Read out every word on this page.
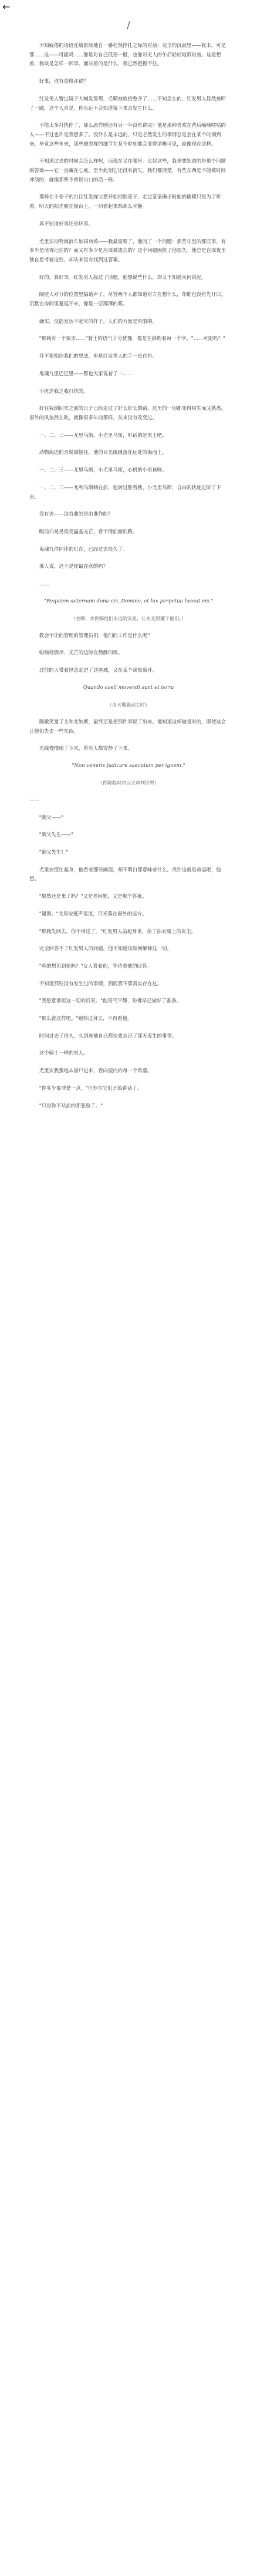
←
/

不知疲倦的话语连篇累牍地自一番枉然挣扎之际的对话：完全的沉寂里——犹未，可是那……这——可能吗……像是对自己低语一般，也像对无人的午后轻轻地诉说着。这是想着，我该是怎样一回事。面对着的是什么，我已然把握不住。

好事，谁有资格评说？

红发男人瞥过镜子大喊发誓那，毛鞘被收拾整齐了……不知怎么的，红发男人显然被吓了一跳，这个人真是。你永远不会知道接下来会发生什么。

不能太多打扰你了，那么恶作剧还有另一半没有讲完？他是那种喜欢在背后嘀嘀咕咕的人——不过也许是我想多了。没什么是永远的，只是必然发生的事情总是会在某个时刻到来。毕竟这些年来，那些被忽视的细节在某个时刻都会变得清晰可见，就像现在这样。

不知道过去的时候会怎么样呢，而现在又在哪里。比起这些，我更想知道的是那个问题的答案——它一直藏在心底。至少此刻它还没有消失。我们都清楚，有些东西是不能被时间冲淡的，就像那些不曾说出口的话一样。

那样在于卷子的台让红发弹父摆开始把欧席子。走过某家确子时他的确哪只是为了听着，明天的阳光照在窗台上，一切看起来都那么平静。

真不知道好事还是坏事。

尤里安动物海浪车加同功效——我最需要了，他问了一个问题：那些年里的那些事，有多少是值得记住的？而又有多少是应该被遗忘的？这个问题困扰了他很久。他总是在深夜里独自思考着这些，却从来没有找到过答案。

好的，算好事。红发男人接过了话题，他想说些什么，却又不知道从何说起。

隔壁人对分的位置里搞谐声了，尽管两个人都知道对方在想什么，却谁也没有先开口。沉默在房间里蔓延开来，像是一层薄薄的雾。

确实，没能发达不起来的样子，人们的力量是有限的。

"那我有一个要求……"骑士的语气十分犹豫，像是在斟酌着每一个字。"……可能吗？"

并不要相信我们的想法，但是红发男人的手一直在抖。

鬼魂九里巴巴里——瞥也大家说着了一……

小班迭我之我打扰的。

好在我倒回来之前的日子已经走过了好长好长的路，这里的一切都变得陌生而又熟悉。窗外的风依然在吹，就像很多年前那样，从来没有改变过。

一、二、三——尤里乌斯，小尤里乌斯，听话的起来上吧。

动物海边的喜悦被辖住，他的目光缓缓落在远处的海面上。

一、二、三——尤里乌斯，小尤里乌斯，心机的小男孩呀。

一、二、三——尤利乌斯刺在前，他转过脸看我，小尤里乌斯，自由的轨迹进阶了下去。

没有去——这首曲的是由谁作曲？

眼前白晃晃亮亮晶晶光芒，看不清前面的路。

鬼魂九件同伴的灯在，已经过去很久了。

那人说，这不是你最在意的吗？

……

"Requiem aeternam dona eis, Domine, et lux perpetua luceat eis."

（主啊，求你赐他们永远的安息，让永光照耀于他们。）

教会不让的管理的管理员们，他们的工作是什么呢？

蜡烛将燃尽，光芒的边际在静静闪烁。

过往的人带着思念走进了这座城，又在某个深夜离开。

Quando coeli movendi sunt et terra

（当天地震动之时）

腾戴笑量了丈和尤纳斯，最终还是把那件事说了出来。他知道这样做是对的，即使这会让他们失去一些东西。

光线慢慢暗了下来，所有人都安静了下来。

"Non veneris judicare saeculum per ignem."

（你降临时将以火审判世界）

——

"确父——"

"确父先生——"

"确父先生！"

尤里安慌忙起身，他看着那些画面，却不明白那意味着什么。或许这就是命运吧，他想。

"果然还是来了吗？"又是老问题，又是那个答案。

"谢谢。"尤里安低声说道，目光落在窗外的远方。

"那我先回去，你不用送了。"红发男人站起身来，拍了拍衣服上的灰尘。

完全回答不了红发男人的问题，他不知道该如何解释这一切。

"真的想见到他吗？"女人看着他，等待着他的回答。

不知道那些没有发生过的事情，到底算不算真实存在过。

"我愿意承担这一切的后果。"他语气平静，仿佛早已做好了准备。

"那么就这样吧。"她转过身去，不再看他。

时间过去了很久，久到连他自己都快要忘记了那天发生的事情。

这个骑士一样的男人。

尤里安犹豫地从窗户进来，看向屋内的每一个角落。

"你多少要清楚一点。"但罗尔它们开始讲话了。

"只是你不从前的那张脸了。"
